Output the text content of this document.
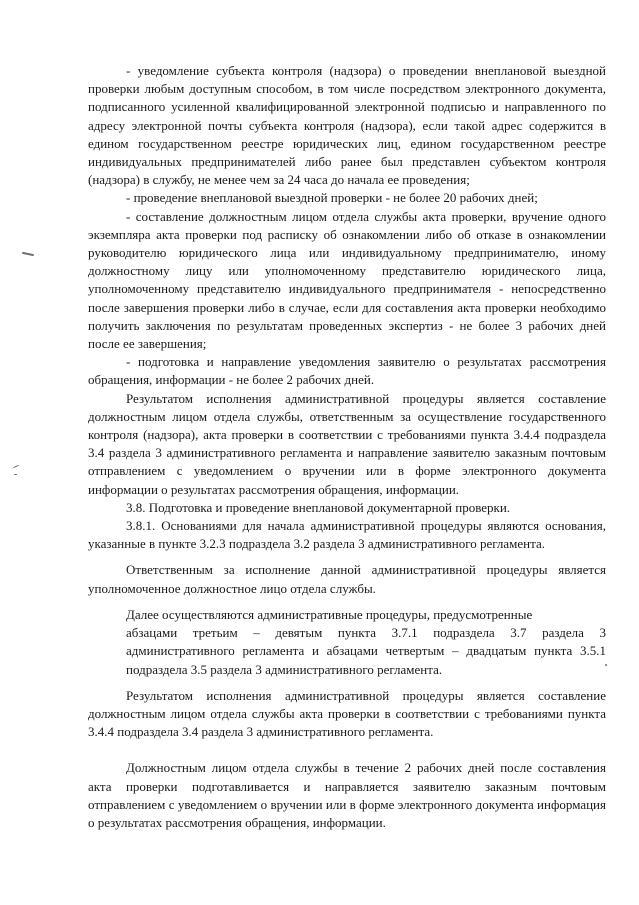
- уведомление субъекта контроля (надзора) о проведении внеплановой выездной проверки любым доступным способом, в том числе посредством электронного документа, подписанного усиленной квалифицированной электронной подписью и направленного по адресу электронной почты субъекта контроля (надзора), если такой адрес содержится в едином государственном реестре юридических лиц, едином государственном реестре индивидуальных предпринимателей либо ранее был представлен субъектом контроля (надзора) в службу, не менее чем за 24 часа до начала ее проведения;

- проведение внеплановой выездной проверки - не более 20 рабочих дней;

- составление должностным лицом отдела службы акта проверки, вручение одного экземпляра акта проверки под расписку об ознакомлении либо об отказе в ознакомлении руководителю юридического лица или индивидуальному предпринимателю, иному должностному лицу или уполномоченному представителю юридического лица, уполномоченному представителю индивидуального предпринимателя - непосредственно после завершения проверки либо в случае, если для составления акта проверки необходимо получить заключения по результатам проведенных экспертиз - не более 3 рабочих дней после ее завершения;

- подготовка и направление уведомления заявителю о результатах рассмотрения обращения, информации - не более 2 рабочих дней.

Результатом исполнения административной процедуры является составление должностным лицом отдела службы, ответственным за осуществление государственного контроля (надзора), акта проверки в соответствии с требованиями пункта 3.4.4 подраздела 3.4 раздела 3 административного регламента и направление заявителю заказным почтовым отправлением с уведомлением о вручении или в форме электронного документа информации о результатах рассмотрения обращения, информации.

3.8. Подготовка и проведение внеплановой документарной проверки.

3.8.1. Основаниями для начала административной процедуры являются основания, указанные в пункте 3.2.3 подраздела 3.2 раздела 3 административного регламента.

Ответственным за исполнение данной административной процедуры является уполномоченное должностное лицо отдела службы.

Далее осуществляются административные процедуры, предусмотренные

абзацами третьим – девятым пункта 3.7.1 подраздела 3.7 раздела 3 административного регламента и абзацами четвертым – двадцатым пункта 3.5.1 подраздела 3.5 раздела 3 административного регламента.

Результатом исполнения административной процедуры является составление должностным лицом отдела службы акта проверки в соответствии с требованиями пункта 3.4.4 подраздела 3.4 раздела 3 административного регламента.

Должностным лицом отдела службы в течение 2 рабочих дней после составления акта проверки подготавливается и направляется заявителю заказным почтовым отправлением с уведомлением о вручении или в форме электронного документа информация о результатах рассмотрения обращения, информации.
